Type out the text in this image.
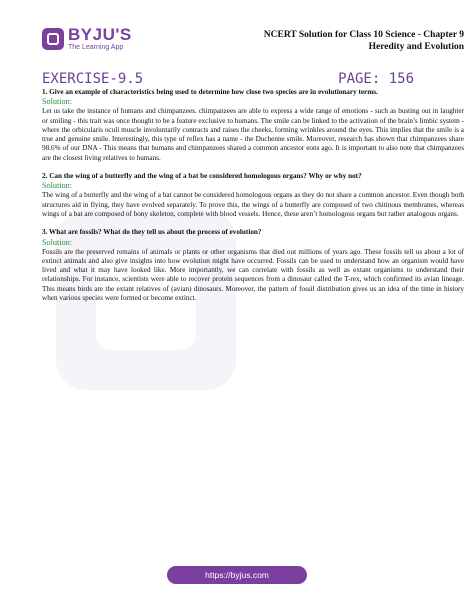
BYJU'S
The Learning App
NCERT Solution for Class 10 Science - Chapter 9
Heredity and Evolution
EXERCISE-9.5	PAGE: 156

1. Give an example of characteristics being used to determine how close two species are in evolutionary terms.

Solution:

Let us take the instance of humans and chimpanzees. chimpanzees are able to express a wide range of emotions - such as busting out in laughter or smiling - this trait was once thought to be a feature exclusive to humans. The smile can be linked to the activation of the brain’s limbic system - where the orbicularis oculi muscle involuntarily contracts and raises the cheeks, forming wrinkles around the eyes. This implies that the smile is a true and genuine smile. Interestingly, this type of reflex has a name - the Duchenne smile. Moreover, research has shown that chimpanzees share 98.6% of our DNA - This means that humans and chimpanzees shared a common ancestor eons ago. It is important to also note that chimpanzees are the closest living relatives to humans.

2. Can the wing of a butterfly and the wing of a bat be considered homologous organs? Why or why not?

Solution:

The wing of a butterfly and the wing of a bat cannot be considered homologous organs as they do not share a common ancestor. Even though both structures aid in flying, they have evolved separately. To prove this, the wings of a butterfly are composed of two chitinous membranes, whereas wings of a bat are composed of bony skeleton, complete with blood vessels. Hence, these aren’t homologous organs but rather analogous organs.

3. What are fossils? What do they tell us about the process of evolution?

Solution:

Fossils are the preserved remains of animals or plants or other organisms that died out millions of years ago. These fossils tell us about a lot of extinct animals and also give insights into how evolution might have occurred. Fossils can be used to understand how an organism would have lived and what it may have looked like. More importantly, we can correlate with fossils as well as extant organisms to understand their relationships. For instance, scientists were able to recover protein sequences from a dinosaur called the T-rex, which confirmed its avian lineage. This means birds are the extant relatives of (avian) dinosaurs. Moreover, the pattern of fossil distribution gives us an idea of the time in history when various species were formed or become extinct.

https://byjus.com
